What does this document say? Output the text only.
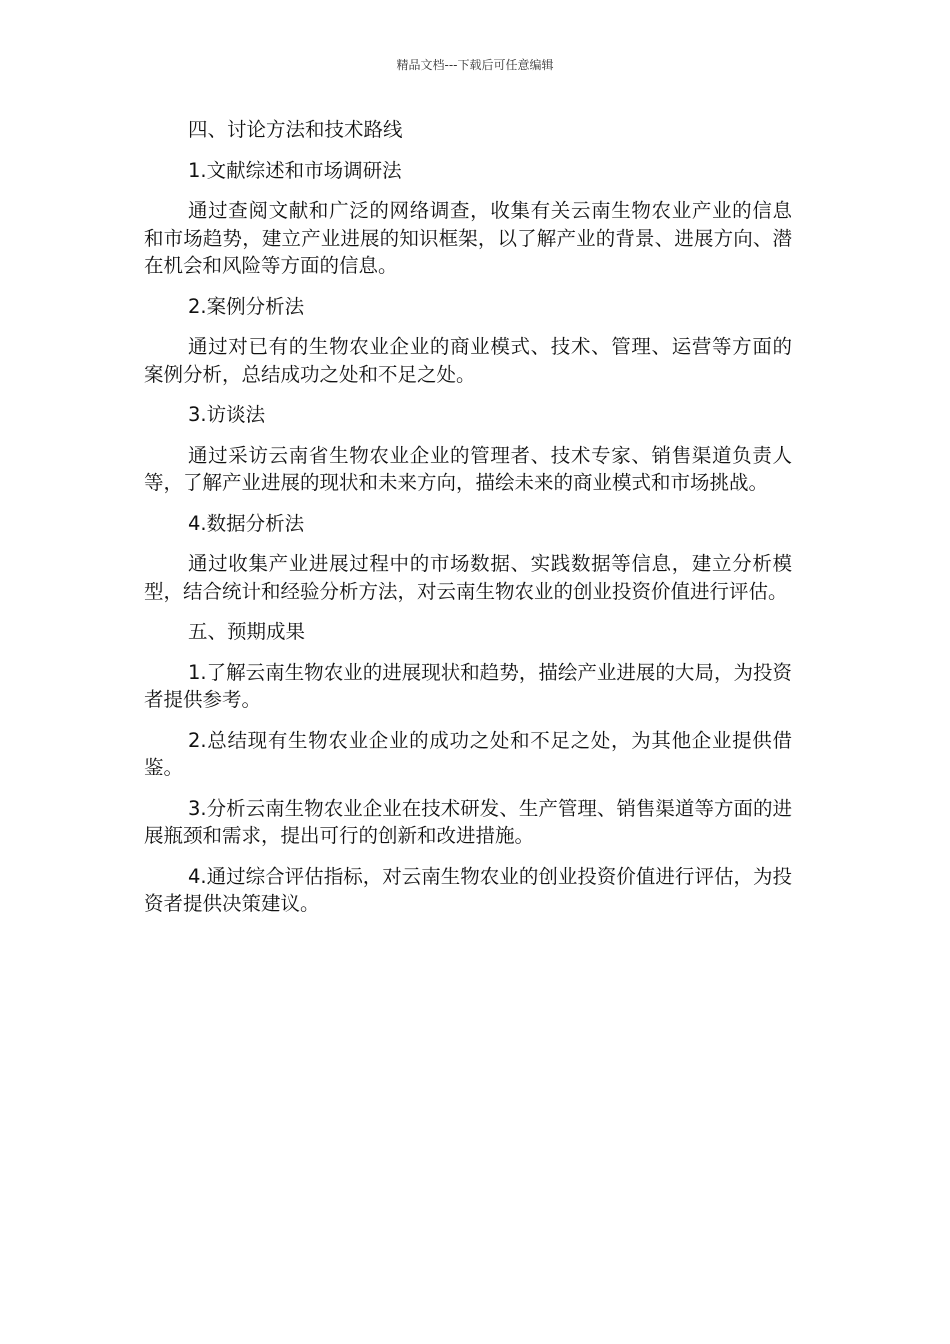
精品文档---下载后可任意编辑

四、讨论方法和技术路线

1.文献综述和市场调研法

通过查阅文献和广泛的网络调查，收集有关云南生物农业产业的信息和市场趋势，建立产业进展的知识框架，以了解产业的背景、进展方向、潜在机会和风险等方面的信息。

2.案例分析法

通过对已有的生物农业企业的商业模式、技术、管理、运营等方面的案例分析，总结成功之处和不足之处。

3.访谈法

通过采访云南省生物农业企业的管理者、技术专家、销售渠道负责人等，了解产业进展的现状和未来方向，描绘未来的商业模式和市场挑战。

4.数据分析法

通过收集产业进展过程中的市场数据、实践数据等信息，建立分析模型，结合统计和经验分析方法，对云南生物农业的创业投资价值进行评估。

五、预期成果

1.了解云南生物农业的进展现状和趋势，描绘产业进展的大局，为投资者提供参考。

2.总结现有生物农业企业的成功之处和不足之处，为其他企业提供借鉴。

3.分析云南生物农业企业在技术研发、生产管理、销售渠道等方面的进展瓶颈和需求，提出可行的创新和改进措施。

4.通过综合评估指标，对云南生物农业的创业投资价值进行评估，为投资者提供决策建议。
